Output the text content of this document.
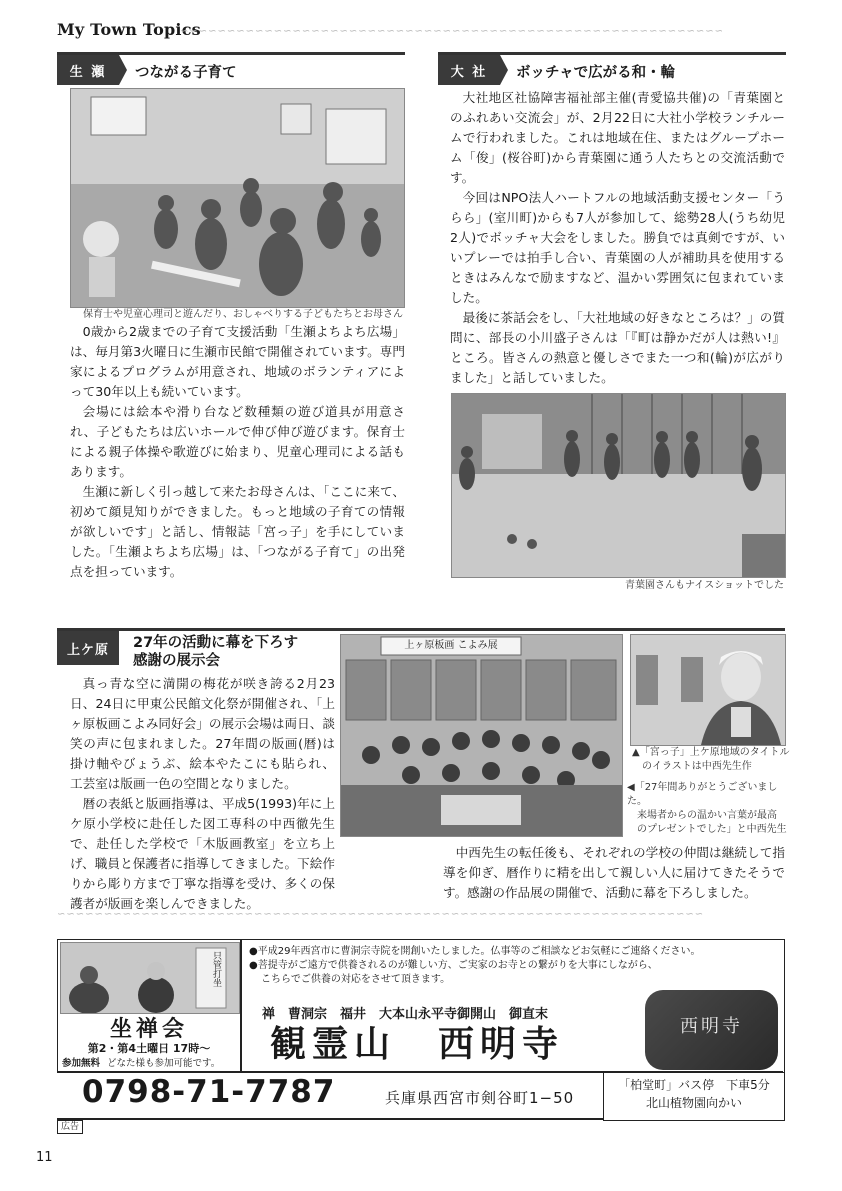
My Town Topics
∽∽∽∽∽∽∽∽∽∽∽∽∽∽∽∽∽∽∽∽∽∽∽∽∽∽∽∽∽∽∽∽∽∽∽∽∽∽∽∽∽∽∽∽∽∽∽∽∽∽∽∽∽∽∽∽∽∽
生 瀬	つながる子育て
保育士や児童心理司と遊んだり、おしゃべりする子どもたちとお母さん

0歳から2歳までの子育て支援活動「生瀬よちよち広場」は、毎月第3火曜日に生瀬市民館で開催されています。専門家によるプログラムが用意され、地域のボランティアによって30年以上も続いています。

会場には絵本や滑り台など数種類の遊び道具が用意され、子どもたちは広いホールで伸び伸び遊びます。保育士による親子体操や歌遊びに始まり、児童心理司による話もあります。

生瀬に新しく引っ越して来たお母さんは、「ここに来て、初めて顔見知りができました。もっと地域の子育ての情報が欲しいです」と話し、情報誌「宮っ子」を手にしていました。「生瀬よちよち広場」は、「つながる子育て」の出発点を担っています。

大 社	ボッチャで広がる和・輪

大社地区社協障害福祉部主催(青愛協共催)の「青葉園とのふれあい交流会」が、2月22日に大社小学校ランチルームで行われました。これは地域在住、またはグループホーム「俊」(桜谷町)から青葉園に通う人たちとの交流活動です。

今回はNPO法人ハートフルの地域活動支援センター「うらら」(室川町)からも7人が参加して、総勢28人(うち幼児2人)でボッチャ大会をしました。勝負では真剣ですが、いいプレーでは拍手し合い、青葉園の人が補助具を使用するときはみんなで励ますなど、温かい雰囲気に包まれていました。

最後に茶話会をし、「大社地域の好きなところは？」の質問に、部長の小川盛子さんは「『町は静かだが人は熱い!』ところ。皆さんの熱意と優しさでまた一つ和(輪)が広がりました」と話していました。

青葉園さんもナイスショットでした
上ケ原	27年の活動に幕を下ろす
感謝の展示会

真っ青な空に満開の梅花が咲き誇る2月23日、24日に甲東公民館文化祭が開催され、「上ヶ原板画こよみ同好会」の展示会場は両日、談笑の声に包まれました。27年間の版画(暦)は掛け軸やびょうぶ、絵本やたこにも貼られ、工芸室は版画一色の空間となりました。

暦の表紙と版画指導は、平成5(1993)年に上ケ原小学校に赴任した図工専科の中西徹先生で、赴任した学校で「木版画教室」を立ち上げ、職員と保護者に指導してきました。下絵作りから彫り方まで丁寧な指導を受け、多くの保護者が版画を楽しんできました。

上ヶ原板画 こよみ展
▲「宮っ子」上ケ原地域のタイトル
のイラストは中西先生作
◀「27年間ありがとうございました。
来場者からの温かい言葉が最高
のプレゼントでした」と中西先生

中西先生の転任後も、それぞれの学校の仲間は継続して指導を仰ぎ、暦作りに精を出して親しい人に届けてきたそうです。感謝の作品展の開催で、活動に幕を下ろしました。

∽∽∽∽∽∽∽∽∽∽∽∽∽∽∽∽∽∽∽∽∽∽∽∽∽∽∽∽∽∽∽∽∽∽∽∽∽∽∽∽∽∽∽∽∽∽∽∽∽∽∽∽∽∽∽∽∽∽∽∽∽∽∽∽∽∽∽∽∽
只管打坐
坐禅会
第2・第4土曜日 17時〜
参加無料 どなた様も参加可能です。
●平成29年西宮市に曹洞宗寺院を開創いたしました。仏事等のご相談などお気軽にご連絡ください。
●菩提寺がご遠方で供養されるのが難しい方、ご実家のお寺との繋がりを大事にしながら、
こちらでご供養の対応をさせて頂きます。
禅　曹洞宗　福井　大本山永平寺御開山　御直末
観霊山　西明寺	西明寺
0798-71-7787	兵庫県西宮市剣谷町1−50
「柏堂町」バス停　下車5分
北山植物園向かい
広告
11
